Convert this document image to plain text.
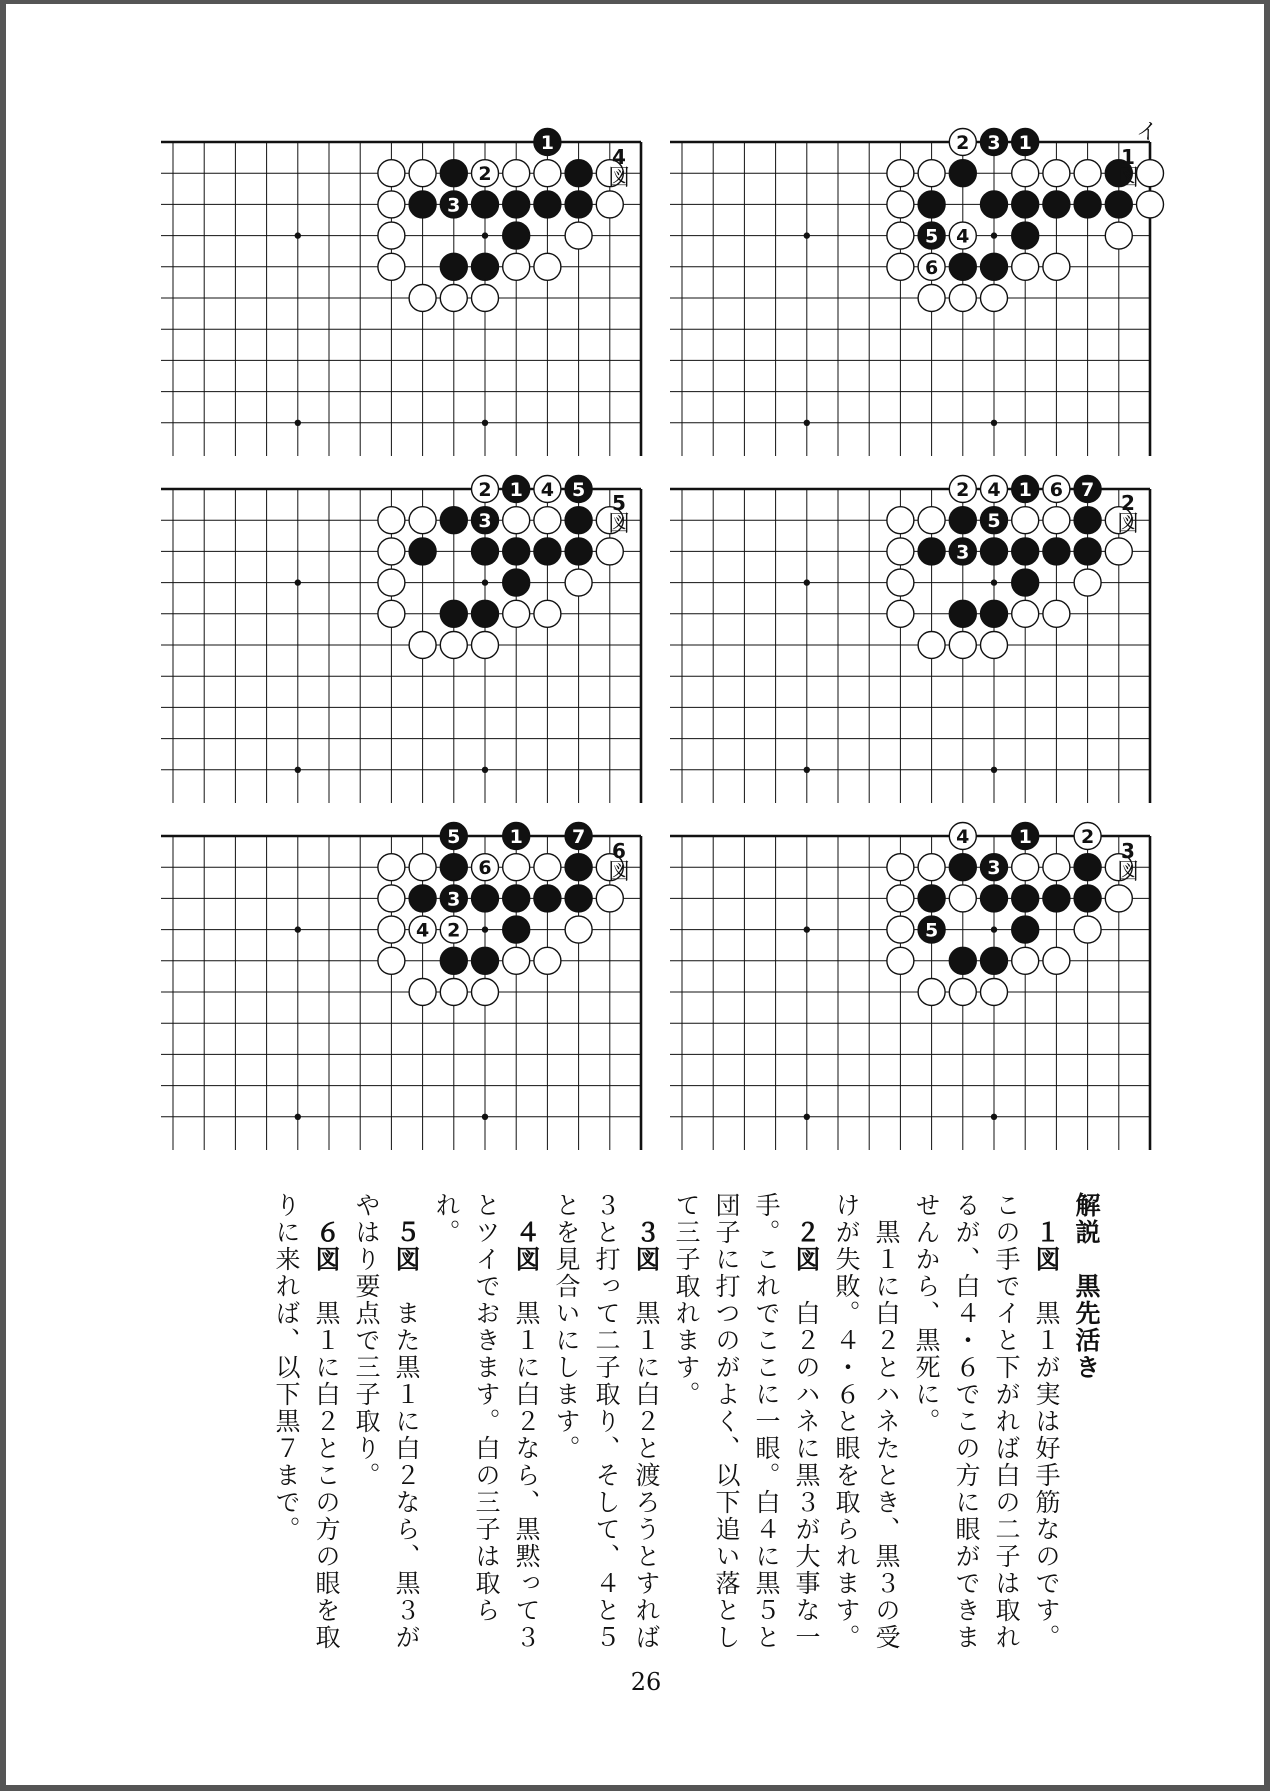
1
2
3
4
図
イ
2 3 1
5 4
6
1
図
2 1 4 5
3
5
図
2 4 1 6 7
5
3
2
図
5	1	7
6
3
4 2
6
図
4	1	2
3
5
3
図

解説　黒先活き

　１図　黒１が実は好手筋なのです。この手でイと下がれば白の二子は取れるが、白４・６でこの方に眼ができませんから、黒死に。

　黒１に白２とハネたとき、黒３の受けが失敗。４・６と眼を取られます。

　２図　白２のハネに黒３が大事な一手。これでここに一眼。白４に黒５と団子に打つのがよく、以下追い落として三子取れます。

　３図　黒１に白２と渡ろうとすれば３と打って二子取り、そして、４と５とを見合いにします。

　４図　黒１に白２なら、黒黙って３とツイでおきます。白の三子は取られ。

　５図　また黒１に白２なら、黒３がやはり要点で三子取り。

　６図　黒１に白２とこの方の眼を取りに来れば、以下黒７まで。

26
